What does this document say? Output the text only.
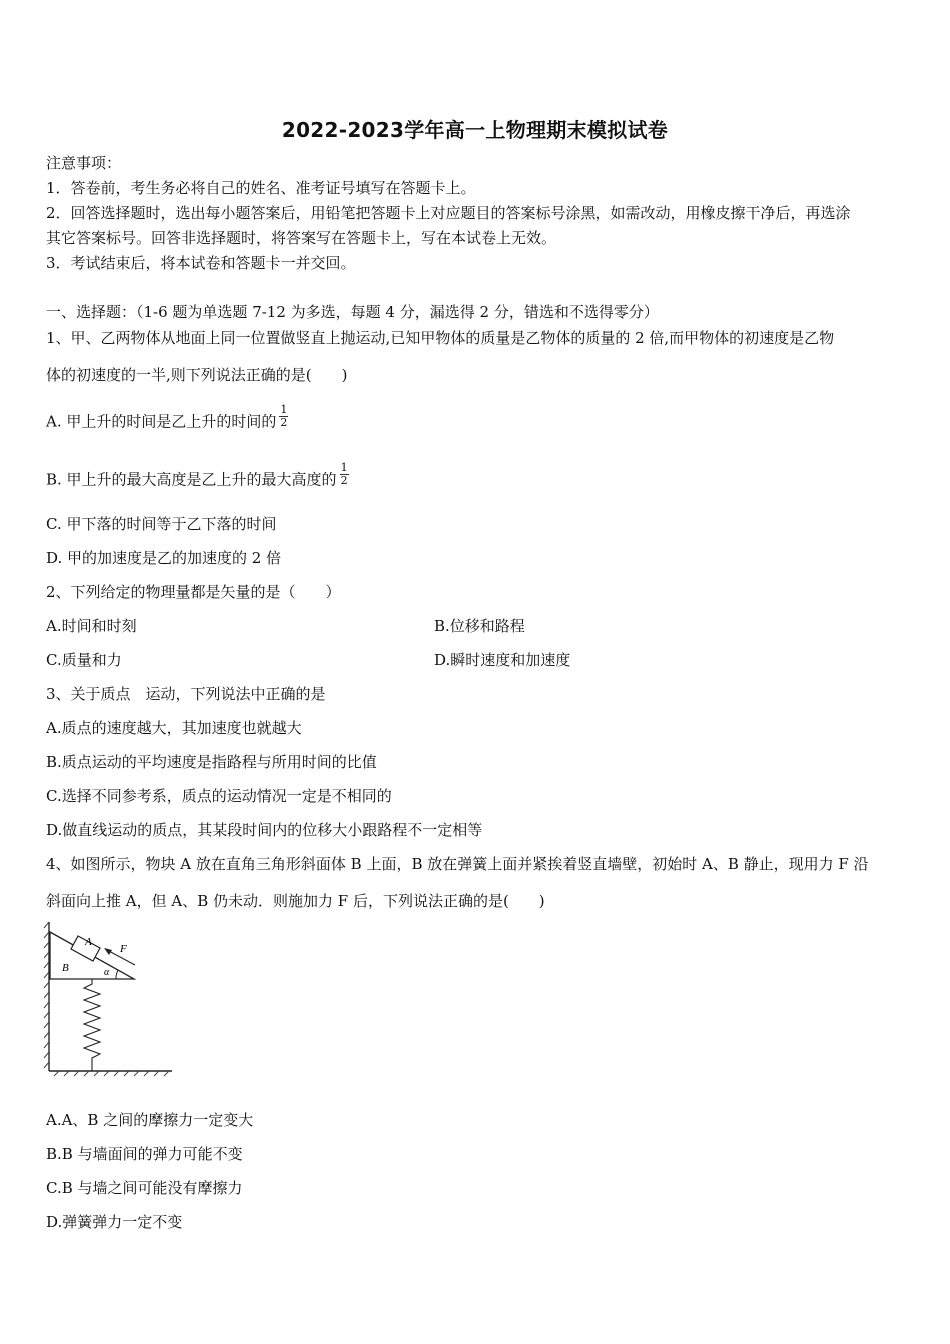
2022-2023学年高一上物理期末模拟试卷
注意事项：
1．答卷前，考生务必将自己的姓名、准考证号填写在答题卡上。
2．回答选择题时，选出每小题答案后，用铅笔把答题卡上对应题目的答案标号涂黑，如需改动，用橡皮擦干净后，再选涂
其它答案标号。回答非选择题时，将答案写在答题卡上，写在本试卷上无效。
3．考试结束后，将本试卷和答题卡一并交回。
一、选择题：（1-6 题为单选题 7-12 为多选，每题 4 分，漏选得 2 分，错选和不选得零分）
1、甲、乙两物体从地面上同一位置做竖直上抛运动,已知甲物体的质量是乙物体的质量的 2 倍,而甲物体的初速度是乙物
体的初速度的一半,则下列说法正确的是(　　)
A. 甲上升的时间是乙上升的时间的 $\frac{1}{2}$
B. 甲上升的最大高度是乙上升的最大高度的 $\frac{1}{2}$
C. 甲下落的时间等于乙下落的时间
D. 甲的加速度是乙的加速度的 2 倍
2、下列给定的物理量都是矢量的是（　　）
A.时间和时刻	B.位移和路程
C.质量和力	D.瞬时速度和加速度
3、关于质点　运动，下列说法中正确的是
A.质点的速度越大，其加速度也就越大
B.质点运动的平均速度是指路程与所用时间的比值
C.选择不同参考系，质点的运动情况一定是不相同的
D.做直线运动的质点，其某段时间内的位移大小跟路程不一定相等
4、如图所示，物块 A 放在直角三角形斜面体 B 上面，B 放在弹簧上面并紧挨着竖直墙壁，初始时 A、B 静止，现用力 F 沿
斜面向上推 A，但 A、B 仍未动．则施加力 F 后，下列说法正确的是(　　)
A
F
B	α
A.A、B 之间的摩擦力一定变大
B.B 与墙面间的弹力可能不变
C.B 与墙之间可能没有摩擦力
D.弹簧弹力一定不变
